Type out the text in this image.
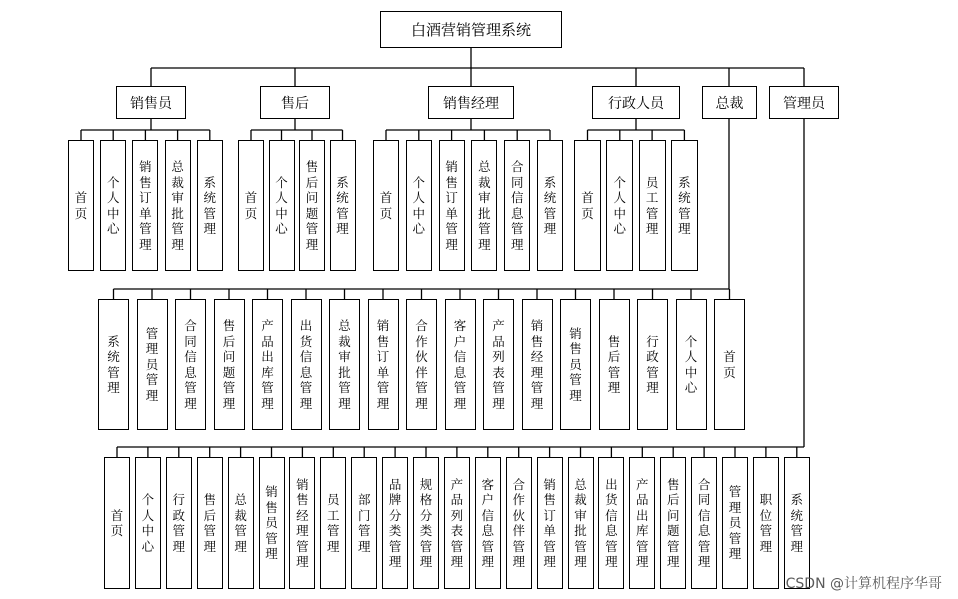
白酒营销管理系统
销售员	售后	销售经理	行政人员	总裁	管理员
首页
个人中心
销售订单管理
总裁审批管理
系统管理
首页
个人中心
售后问题管理
系统管理
首页
个人中心
销售订单管理
总裁审批管理
合同信息管理
系统管理
首页
个人中心
员工管理
系统管理
系统管理
管理员管理
合同信息管理
售后问题管理
产品出库管理
出货信息管理
总裁审批管理
销售订单管理
合作伙伴管理
客户信息管理
产品列表管理
销售经理管理
销售员管理
售后管理
行政管理
个人中心
首页
首页
个人中心
行政管理
售后管理
总裁管理
销售员管理
销售经理管理
员工管理
部门管理
品牌分类管理
规格分类管理
产品列表管理
客户信息管理
合作伙伴管理
销售订单管理
总裁审批管理
出货信息管理
产品出库管理
售后问题管理
合同信息管理
管理员管理
职位管理
系统管理
CSDN @计算机程序华哥
